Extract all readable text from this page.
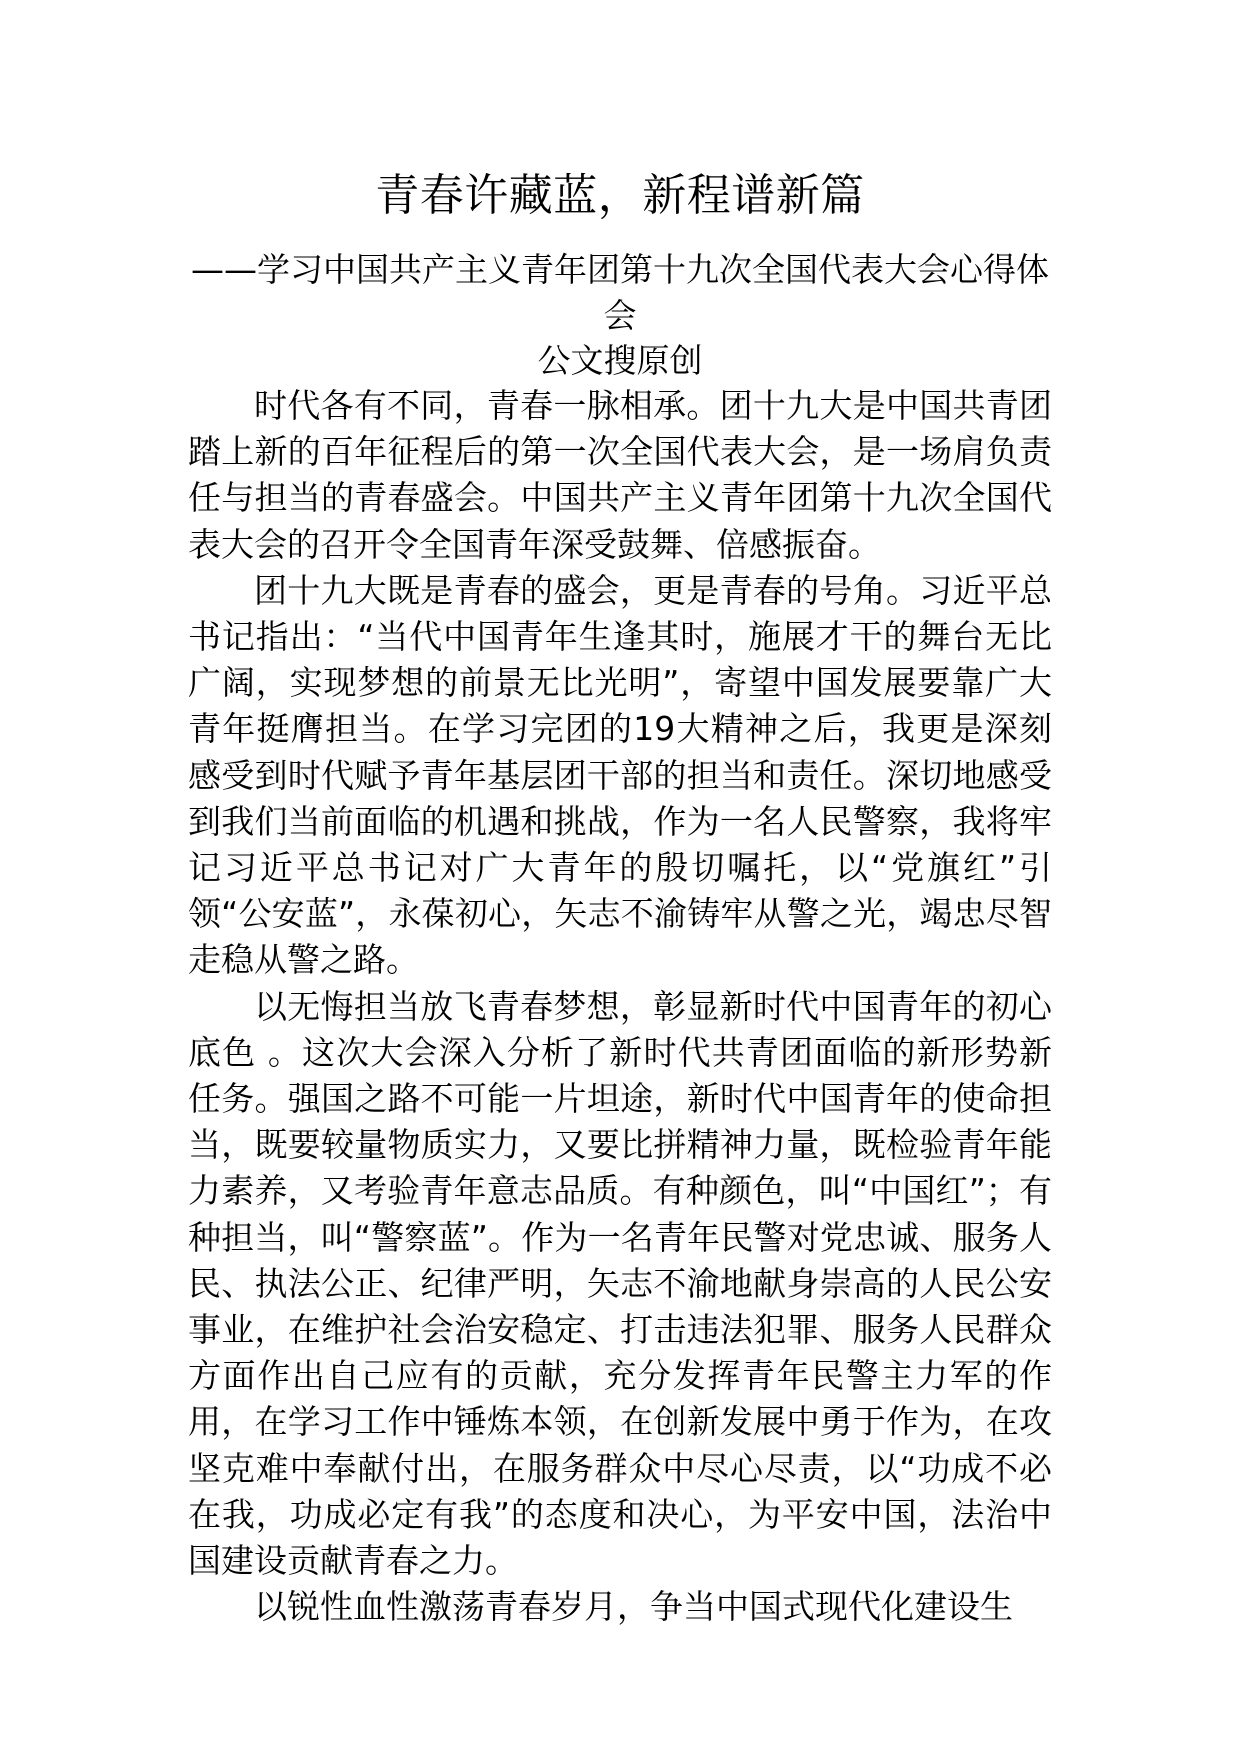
青春许藏蓝，新程谱新篇
——学习中国共产主义青年团第十九次全国代表大会心得体会
公文搜原创

时代各有不同，青春一脉相承。团十九大是中国共青团踏上新的百年征程后的第一次全国代表大会，是一场肩负责任与担当的青春盛会。中国共产主义青年团第十九次全国代表大会的召开令全国青年深受鼓舞、倍感振奋。

团十九大既是青春的盛会，更是青春的号角。习近平总书记指出：“当代中国青年生逢其时，施展才干的舞台无比广阔，实现梦想的前景无比光明”，寄望中国发展要靠广大青年挺膺担当。在学习完团的19大精神之后，我更是深刻感受到时代赋予青年基层团干部的担当和责任。深切地感受到我们当前面临的机遇和挑战，作为一名人民警察，我将牢记习近平总书记对广大青年的殷切嘱托，以“党旗红”引领“公安蓝”，永葆初心，矢志不渝铸牢从警之光，竭忠尽智走稳从警之路。

以无悔担当放飞青春梦想，彰显新时代中国青年的初心底色 。这次大会深入分析了新时代共青团面临的新形势新任务。强国之路不可能一片坦途，新时代中国青年的使命担当，既要较量物质实力，又要比拼精神力量，既检验青年能力素养，又考验青年意志品质。有种颜色，叫“中国红”；有种担当，叫“警察蓝”。作为一名青年民警对党忠诚、服务人民、执法公正、纪律严明，矢志不渝地献身崇高的人民公安事业，在维护社会治安稳定、打击违法犯罪、服务人民群众方面作出自己应有的贡献，充分发挥青年民警主力军的作用，在学习工作中锤炼本领，在创新发展中勇于作为，在攻坚克难中奉献付出，在服务群众中尽心尽责，以“功成不必在我，功成必定有我”的态度和决心，为平安中国，法治中国建设贡献青春之力。

以锐性血性激荡青春岁月，争当中国式现代化建设生
